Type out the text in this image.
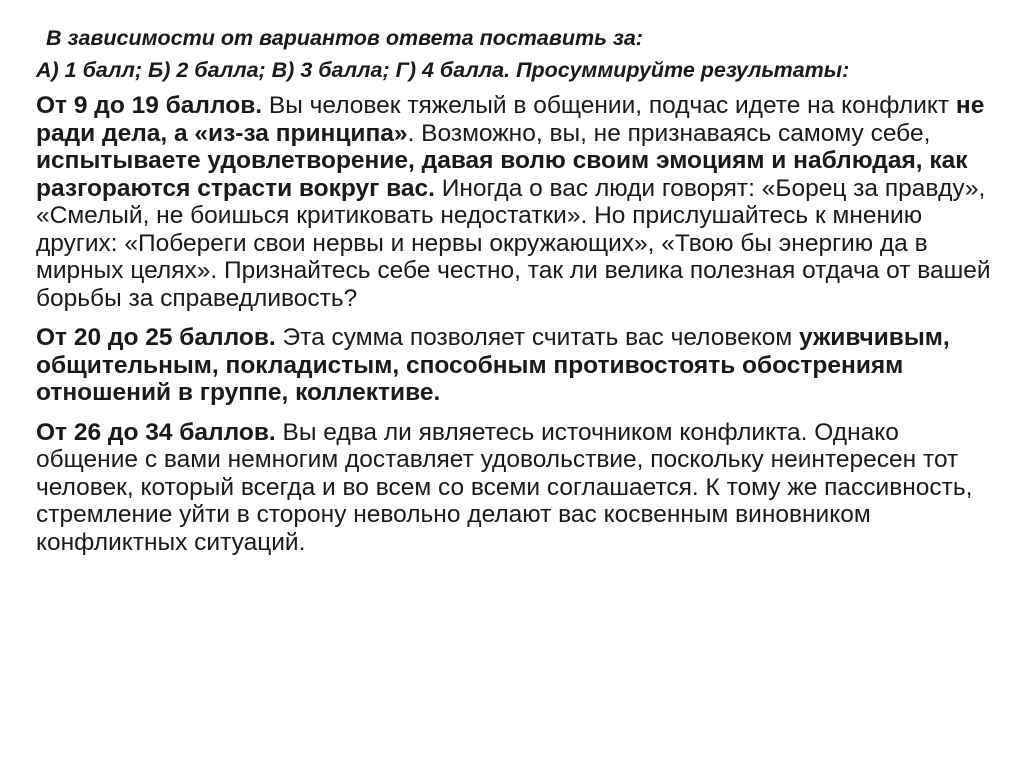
В зависимости от вариантов ответа поставить за:

А) 1 балл; Б) 2 балла; В) 3 балла; Г) 4 балла. Просуммируйте результаты:

От 9 до 19 баллов. Вы человек тяжелый в общении, подчас идете на конфликт не ради дела, а «из-за принципа». Возможно, вы, не признаваясь самому себе, испытываете удовлетворение, давая волю своим эмоциям и наблюдая, как разгораются страсти вокруг вас. Иногда о вас люди говорят: «Борец за правду», «Смелый, не боишься критиковать недостатки». Но прислушайтесь к мнению других: «Побереги свои нервы и нервы окружающих», «Твою бы энергию да в мирных целях». Признайтесь себе честно, так ли велика полезная отдача от вашей борьбы за справедливость?

От 20 до 25 баллов. Эта сумма позволяет считать вас человеком уживчивым, общительным, покладистым, способным противостоять обострениям отношений в группе, коллективе.

От 26 до 34 баллов. Вы едва ли являетесь источником конфликта. Однако общение с вами немногим доставляет удовольствие, поскольку неинтересен тот человек, который всегда и во всем со всеми соглашается. К тому же пассивность, стремление уйти в сторону невольно делают вас косвенным виновником конфликтных ситуаций.
